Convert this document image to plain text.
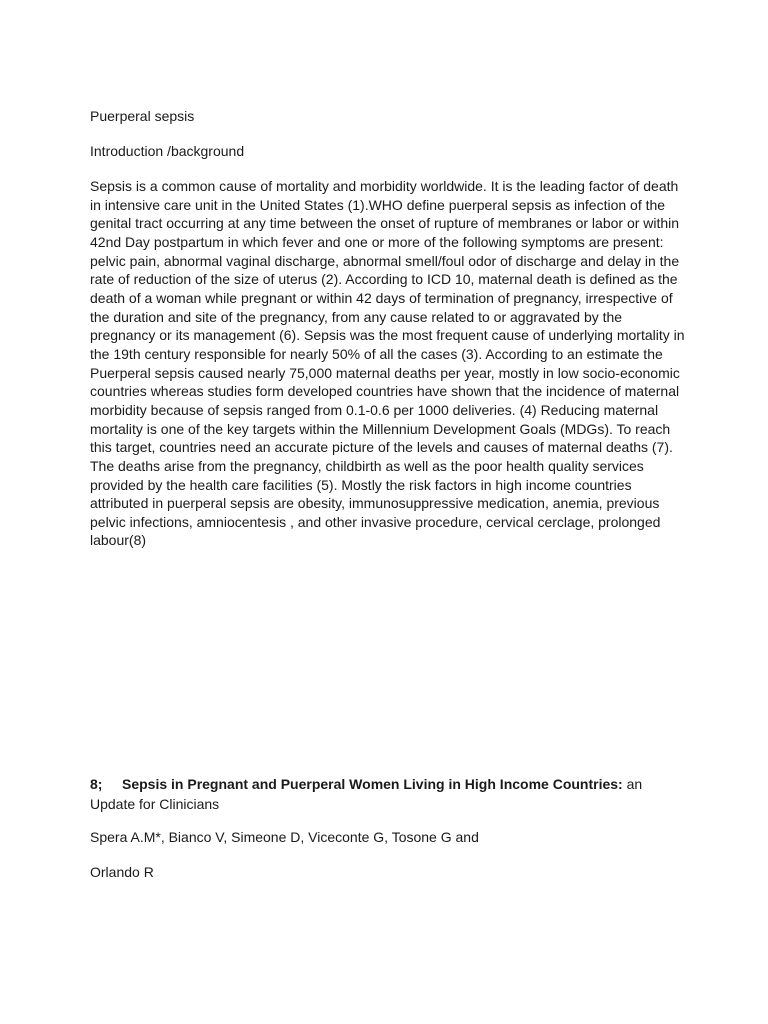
Puerperal sepsis

Introduction /background

Sepsis is a common cause of mortality and morbidity worldwide. It is the leading factor of death
in intensive care unit in the United States (1).WHO define puerperal sepsis as infection of the
genital tract occurring at any time between the onset of rupture of membranes or labor or within
42nd Day postpartum in which fever and one or more of the following symptoms are present:
pelvic pain, abnormal vaginal discharge, abnormal smell/foul odor of discharge and delay in the
rate of reduction of the size of uterus (2). According to ICD 10, maternal death is defined as the
death of a woman while pregnant or within 42 days of termination of pregnancy, irrespective of
the duration and site of the pregnancy, from any cause related to or aggravated by the
pregnancy or its management (6). Sepsis was the most frequent cause of underlying mortality in
the 19th century responsible for nearly 50% of all the cases (3). According to an estimate the
Puerperal sepsis caused nearly 75,000 maternal deaths per year, mostly in low socio-economic
countries whereas studies form developed countries have shown that the incidence of maternal
morbidity because of sepsis ranged from 0.1-0.6 per 1000 deliveries. (4) Reducing maternal
mortality is one of the key targets within the Millennium Development Goals (MDGs). To reach
this target, countries need an accurate picture of the levels and causes of maternal deaths (7).
The deaths arise from the pregnancy, childbirth as well as the poor health quality services
provided by the health care facilities (5). Mostly the risk factors in high income countries
attributed in puerperal sepsis are obesity, immunosuppressive medication, anemia, previous
pelvic infections, amniocentesis , and other invasive procedure, cervical cerclage, prolonged
labour(8)

8; Sepsis in Pregnant and Puerperal Women Living in High Income Countries: an Update for Clinicians

Spera A.M*, Bianco V, Simeone D, Viceconte G, Tosone G and

Orlando R
